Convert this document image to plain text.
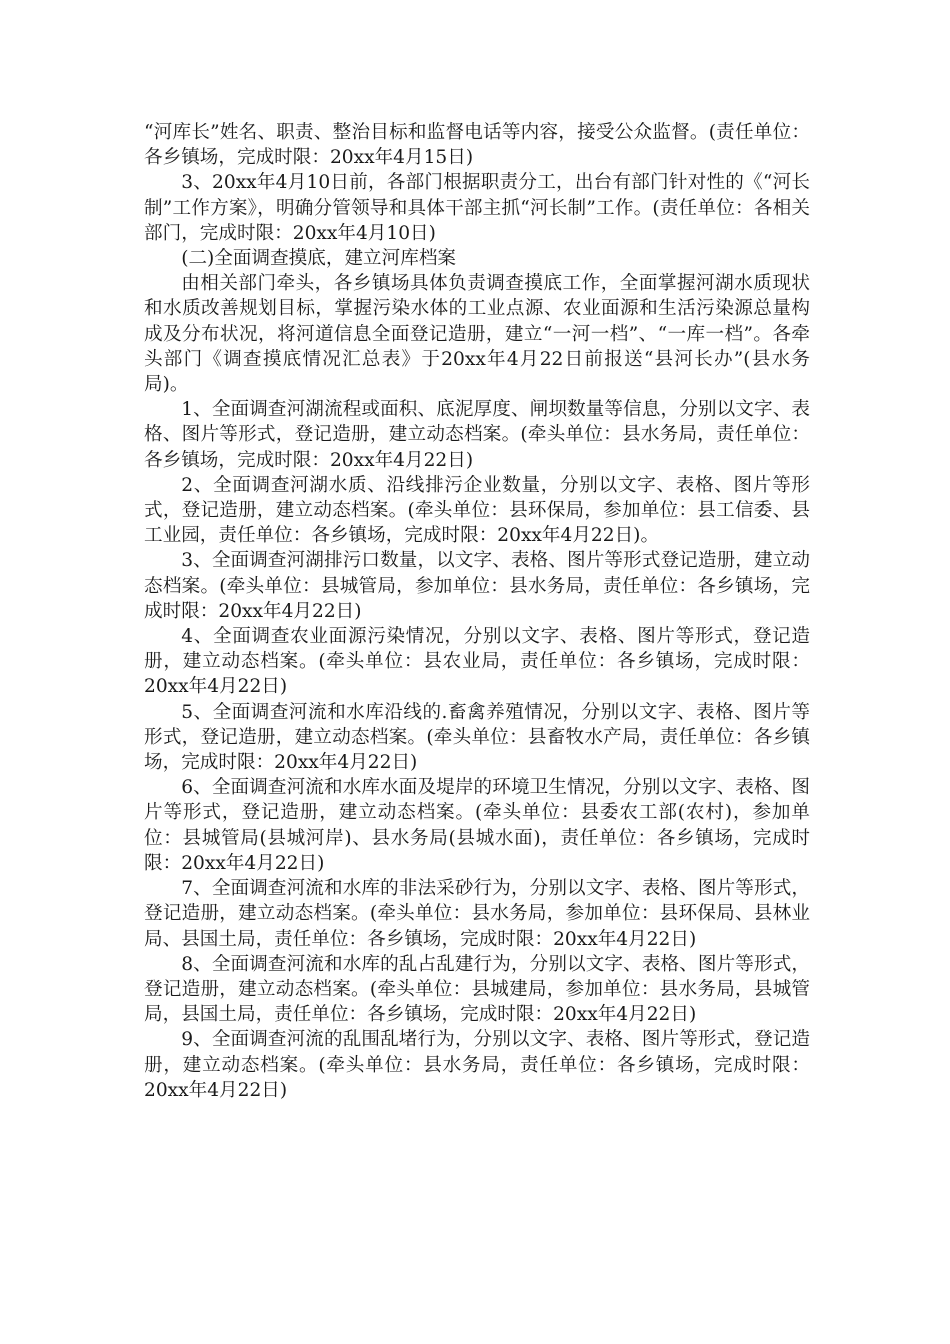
“河库长”姓名、职责、整治目标和监督电话等内容，接受公众监督。(责任单位：各乡镇场，完成时限：20xx年4月15日)

3、20xx年4月10日前，各部门根据职责分工，出台有部门针对性的《“河长制”工作方案》，明确分管领导和具体干部主抓“河长制”工作。(责任单位：各相关部门，完成时限：20xx年4月10日)

(二)全面调查摸底，建立河库档案

由相关部门牵头，各乡镇场具体负责调查摸底工作，全面掌握河湖水质现状和水质改善规划目标，掌握污染水体的工业点源、农业面源和生活污染源总量构成及分布状况，将河道信息全面登记造册，建立“一河一档”、“一库一档”。各牵头部门《调查摸底情况汇总表》于20xx年4月22日前报送“县河长办”(县水务局)。

1、全面调查河湖流程或面积、底泥厚度、闸坝数量等信息，分别以文字、表格、图片等形式，登记造册，建立动态档案。(牵头单位：县水务局，责任单位：各乡镇场，完成时限：20xx年4月22日)

2、全面调查河湖水质、沿线排污企业数量，分别以文字、表格、图片等形式，登记造册，建立动态档案。(牵头单位：县环保局，参加单位：县工信委、县工业园，责任单位：各乡镇场，完成时限：20xx年4月22日)。

3、全面调查河湖排污口数量，以文字、表格、图片等形式登记造册，建立动态档案。(牵头单位：县城管局，参加单位：县水务局，责任单位：各乡镇场，完成时限：20xx年4月22日)

4、全面调查农业面源污染情况，分别以文字、表格、图片等形式，登记造册，建立动态档案。(牵头单位：县农业局，责任单位：各乡镇场，完成时限：20xx年4月22日)

5、全面调查河流和水库沿线的.畜禽养殖情况，分别以文字、表格、图片等形式，登记造册，建立动态档案。(牵头单位：县畜牧水产局，责任单位：各乡镇场，完成时限：20xx年4月22日)

6、全面调查河流和水库水面及堤岸的环境卫生情况，分别以文字、表格、图片等形式，登记造册，建立动态档案。(牵头单位：县委农工部(农村)，参加单位：县城管局(县城河岸)、县水务局(县城水面)，责任单位：各乡镇场，完成时限：20xx年4月22日)

7、全面调查河流和水库的非法采砂行为，分别以文字、表格、图片等形式，登记造册，建立动态档案。(牵头单位：县水务局，参加单位：县环保局、县林业局、县国土局，责任单位：各乡镇场，完成时限：20xx年4月22日)

8、全面调查河流和水库的乱占乱建行为，分别以文字、表格、图片等形式，登记造册，建立动态档案。(牵头单位：县城建局，参加单位：县水务局，县城管局，县国土局，责任单位：各乡镇场，完成时限：20xx年4月22日)

9、全面调查河流的乱围乱堵行为，分别以文字、表格、图片等形式，登记造册，建立动态档案。(牵头单位：县水务局，责任单位：各乡镇场，完成时限：20xx年4月22日)
